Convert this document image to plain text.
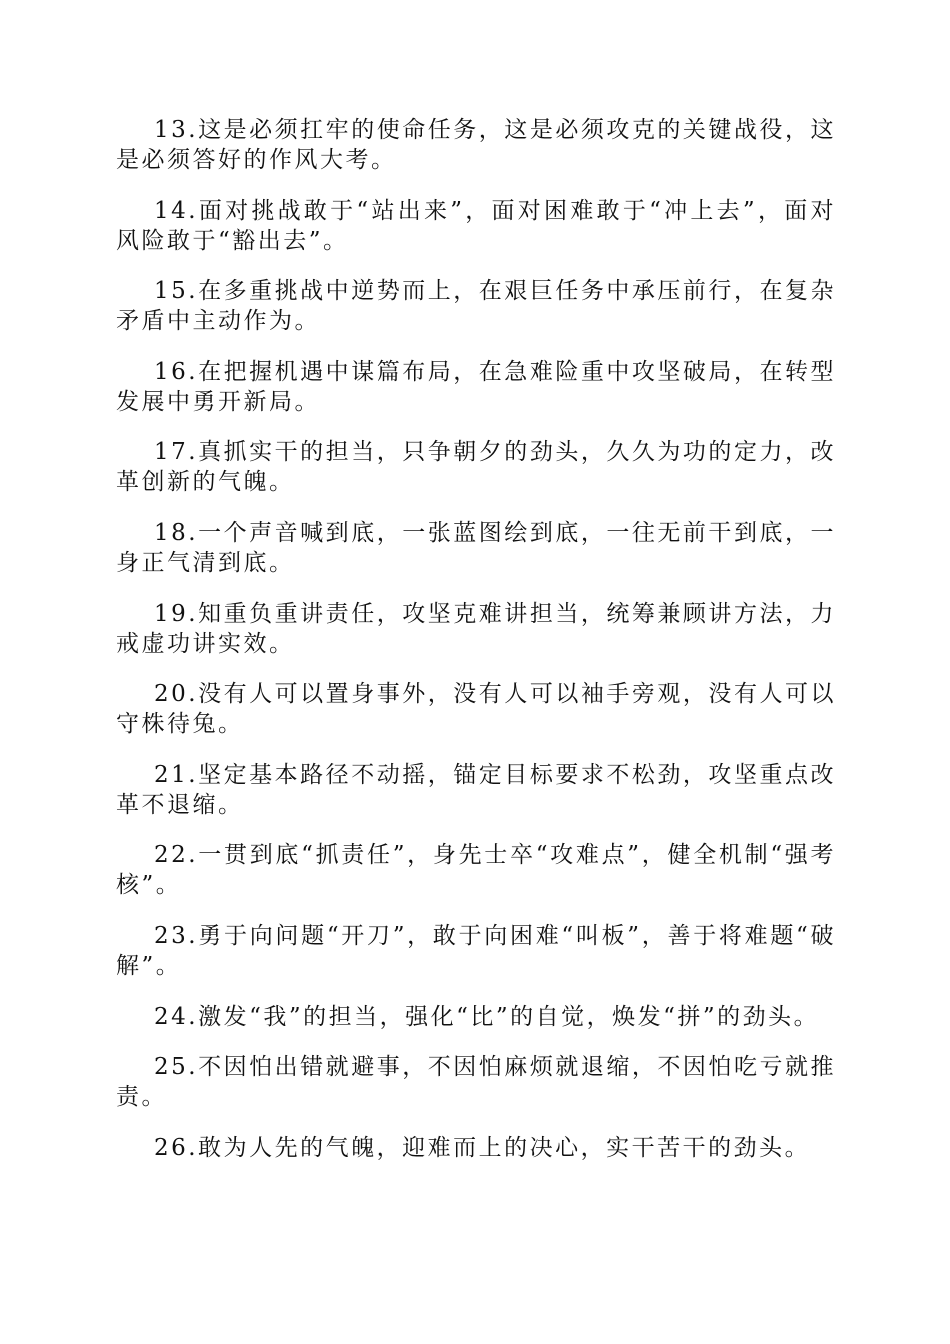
13.这是必须扛牢的使命任务，这是必须攻克的关键战役，这是必须答好的作风大考。

14.面对挑战敢于“站出来”，面对困难敢于“冲上去”，面对风险敢于“豁出去”。

15.在多重挑战中逆势而上，在艰巨任务中承压前行，在复杂矛盾中主动作为。

16.在把握机遇中谋篇布局，在急难险重中攻坚破局，在转型发展中勇开新局。

17.真抓实干的担当，只争朝夕的劲头，久久为功的定力，改革创新的气魄。

18.一个声音喊到底，一张蓝图绘到底，一往无前干到底，一身正气清到底。

19.知重负重讲责任，攻坚克难讲担当，统筹兼顾讲方法，力戒虚功讲实效。

20.没有人可以置身事外，没有人可以袖手旁观，没有人可以守株待兔。

21.坚定基本路径不动摇，锚定目标要求不松劲，攻坚重点改革不退缩。

22.一贯到底“抓责任”，身先士卒“攻难点”，健全机制“强考核”。

23.勇于向问题“开刀”，敢于向困难“叫板”，善于将难题“破解”。

24.激发“我”的担当，强化“比”的自觉，焕发“拼”的劲头。

25.不因怕出错就避事，不因怕麻烦就退缩，不因怕吃亏就推责。

26.敢为人先的气魄，迎难而上的决心，实干苦干的劲头。
